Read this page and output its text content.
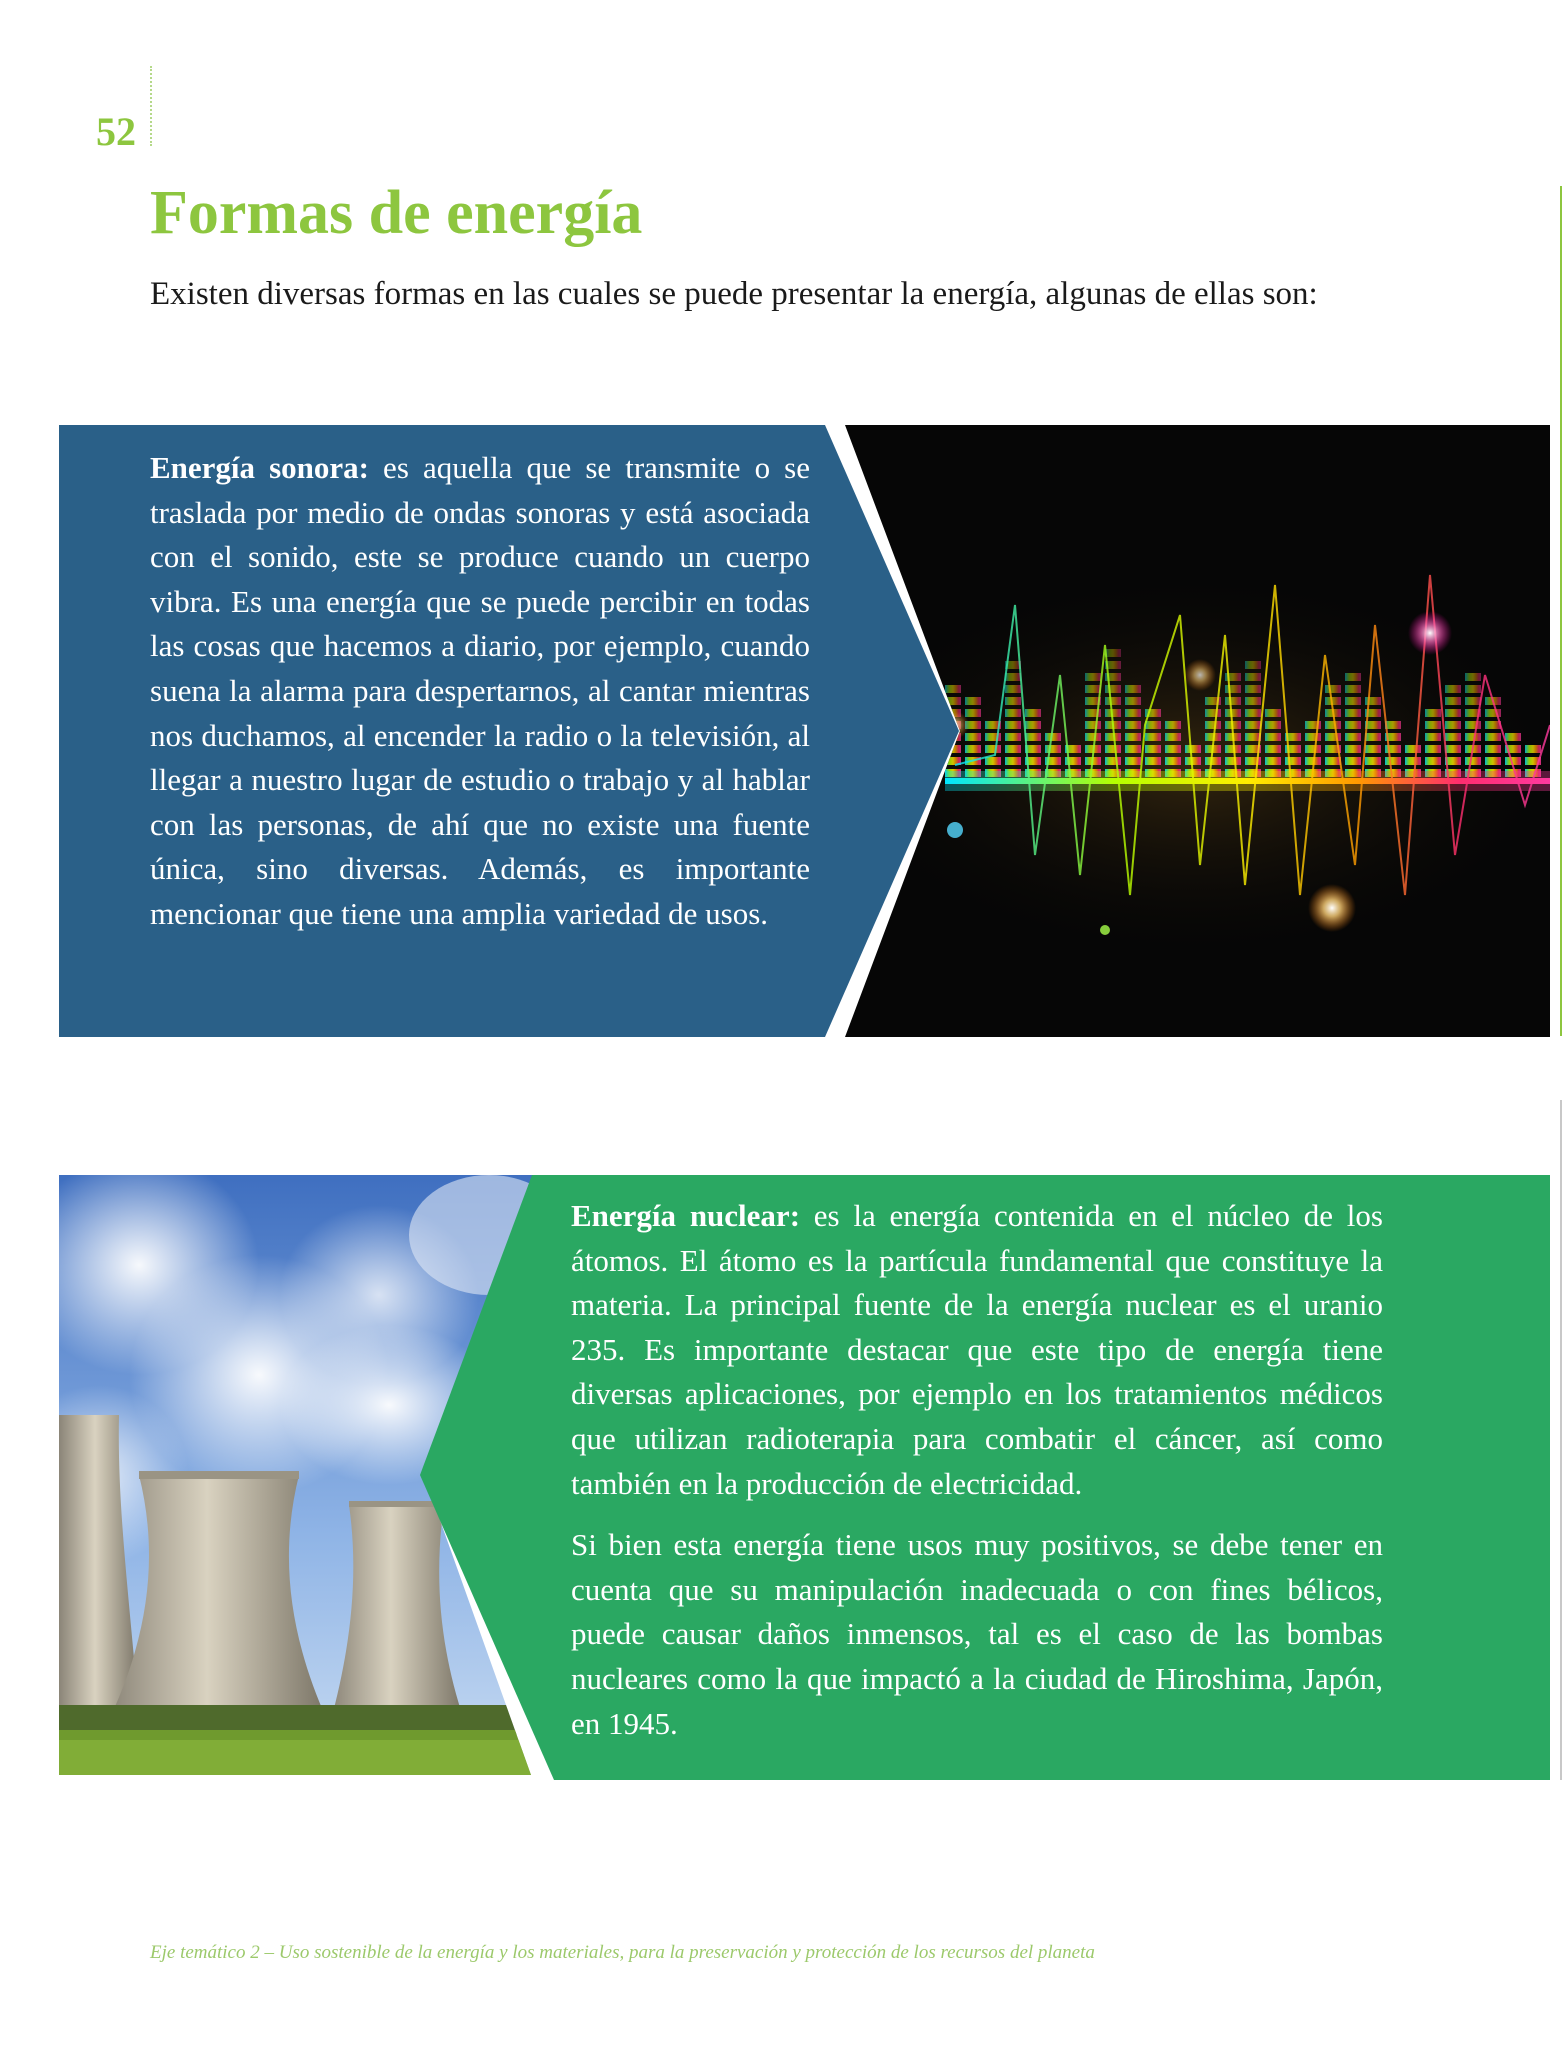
52
Formas de energía

Existen diversas formas en las cuales se puede presentar la energía, algunas de ellas son:

Energía sonora: es aquella que se transmite o se traslada por medio de ondas sonoras y está asociada con el sonido, este se produce cuando un cuerpo vibra. Es una energía que se puede percibir en todas las cosas que hacemos a diario, por ejemplo, cuando suena la alarma para despertarnos, al cantar mientras nos duchamos, al encender la radio o la televisión, al llegar a nuestro lugar de estudio o trabajo y al hablar con las personas, de ahí que no existe una fuente única, sino diversas. Además, es importante mencionar que tiene una amplia variedad de usos.

Energía nuclear: es la energía contenida en el núcleo de los átomos. El átomo es la partícula fundamental que constituye la materia. La principal fuente de la energía nuclear es el uranio 235. Es importante destacar que este tipo de energía tiene diversas aplicaciones, por ejemplo en los tratamientos médicos que utilizan radioterapia para combatir el cáncer, así como también en la producción de electricidad.

Si bien esta energía tiene usos muy positivos, se debe tener en cuenta que su manipulación inadecuada o con fines bélicos, puede causar daños inmensos, tal es el caso de las bombas nucleares como la que impactó a la ciudad de Hiroshima, Japón, en 1945.

Eje temático 2 – Uso sostenible de la energía y los materiales, para la preservación y protección de los recursos del planeta
